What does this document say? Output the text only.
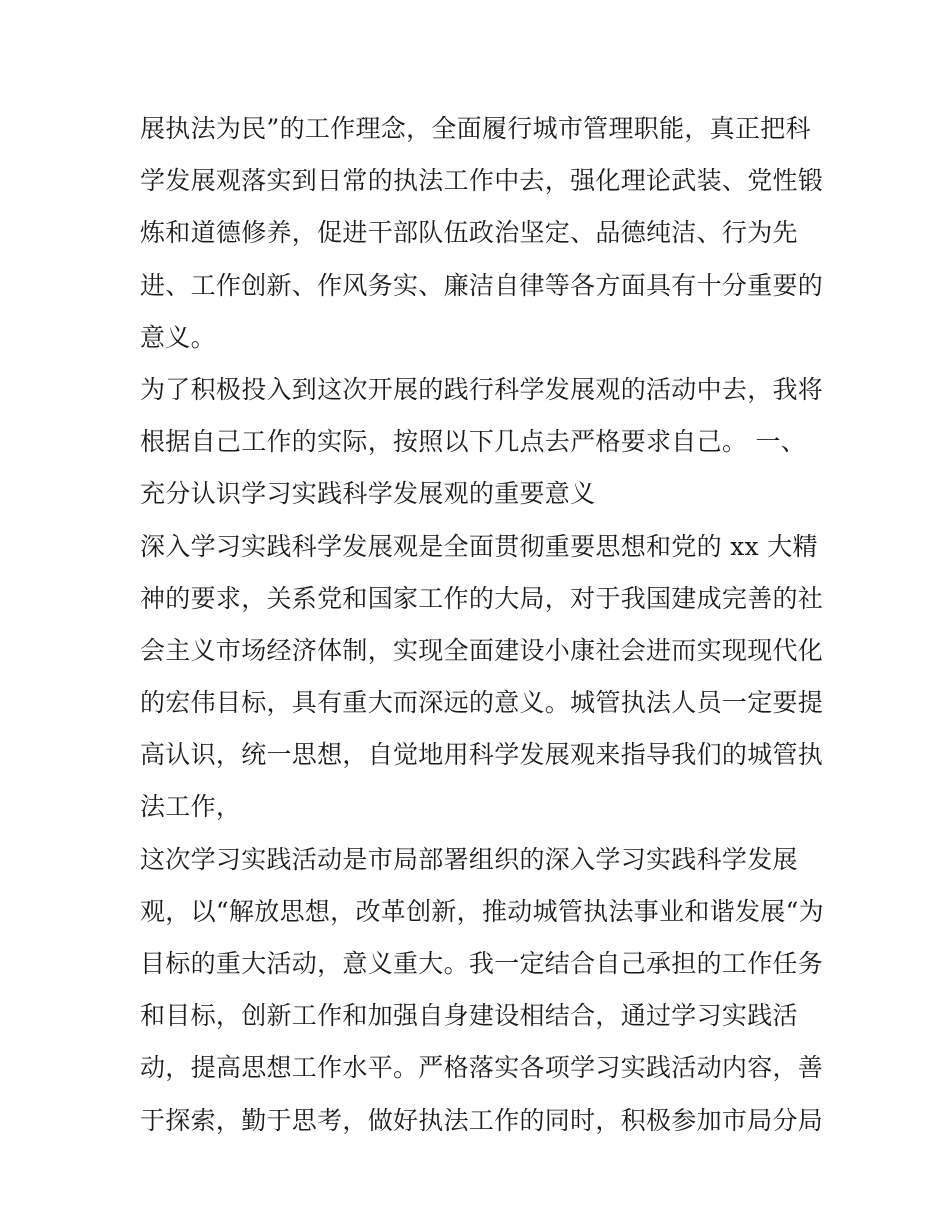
展执法为民”的工作理念，全面履行城市管理职能，真正把科
学发展观落实到日常的执法工作中去，强化理论武装、党性锻
炼和道德修养，促进干部队伍政治坚定、品德纯洁、行为先
进、工作创新、作风务实、廉洁自律等各方面具有十分重要的
意义。
为了积极投入到这次开展的践行科学发展观的活动中去，我将
根据自己工作的实际，按照以下几点去严格要求自己。 一、
充分认识学习实践科学发展观的重要意义
深入学习实践科学发展观是全面贯彻重要思想和党的 xx 大精
神的要求，关系党和国家工作的大局，对于我国建成完善的社
会主义市场经济体制，实现全面建设小康社会进而实现现代化
的宏伟目标，具有重大而深远的意义。城管执法人员一定要提
高认识，统一思想，自觉地用科学发展观来指导我们的城管执
法工作，
这次学习实践活动是市局部署组织的深入学习实践科学发展
观，以“解放思想，改革创新，推动城管执法事业和谐发展“为
目标的重大活动，意义重大。我一定结合自己承担的工作任务
和目标，创新工作和加强自身建设相结合，通过学习实践活
动，提高思想工作水平。严格落实各项学习实践活动内容，善
于探索，勤于思考，做好执法工作的同时，积极参加市局分局
